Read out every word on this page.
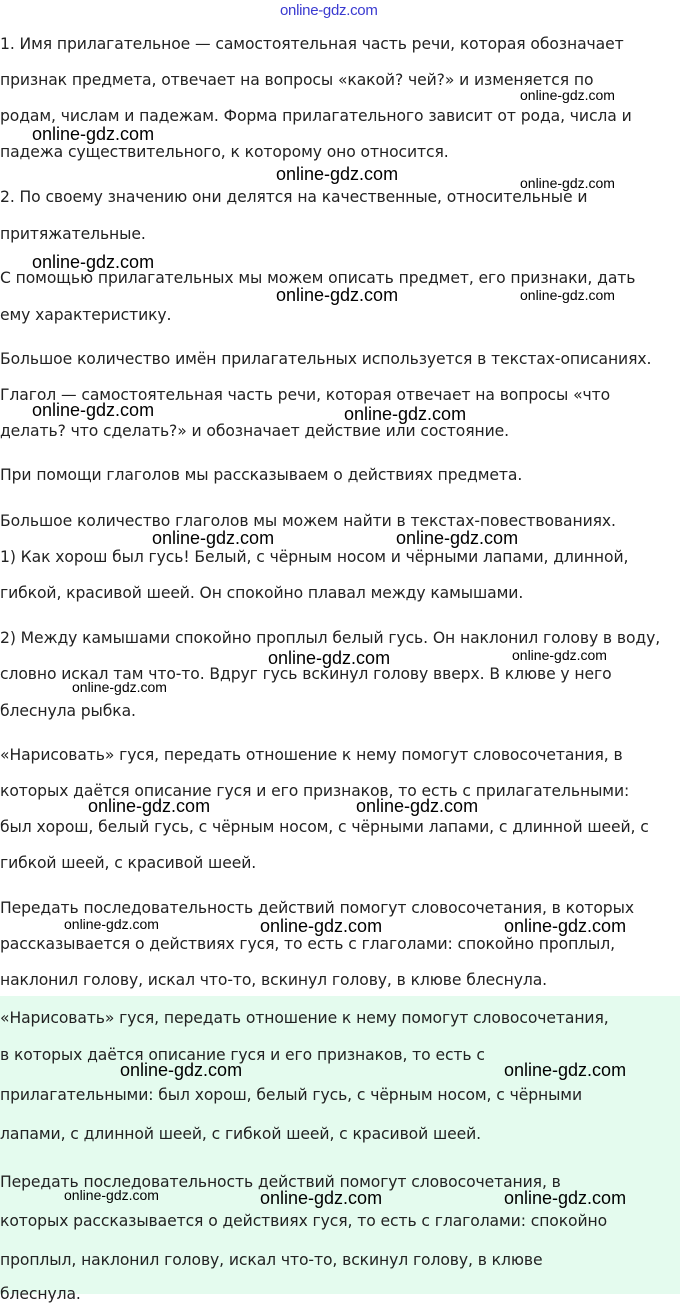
online-gdz.com

1. Имя прилагательное — самостоятельная часть речи, которая обозначает

признак предмета, отвечает на вопросы «какой? чей?» и изменяется по

родам, числам и падежам. Форма прилагательного зависит от рода, числа и

падежа существительного, к которому оно относится.

2. По своему значению они делятся на качественные, относительные и

притяжательные.

С помощью прилагательных мы можем описать предмет, его признаки, дать

ему характеристику.

Большое количество имён прилагательных используется в текстах-описаниях.

Глагол — самостоятельная часть речи, которая отвечает на вопросы «что

делать? что сделать?» и обозначает действие или состояние.

При помощи глаголов мы рассказываем о действиях предмета.

Большое количество глаголов мы можем найти в текстах-повествованиях.

1) Как хорош был гусь! Белый, с чёрным носом и чёрными лапами, длинной,

гибкой, красивой шеей. Он спокойно плавал между камышами.

2) Между камышами спокойно проплыл белый гусь. Он наклонил голову в воду,

словно искал там что-то. Вдруг гусь вскинул голову вверх. В клюве у него

блеснула рыбка.

«Нарисовать» гуся, передать отношение к нему помогут словосочетания, в

которых даётся описание гуся и его признаков, то есть с прилагательными:

был хорош, белый гусь, с чёрным носом, с чёрными лапами, с длинной шеей, с

гибкой шеей, с красивой шеей.

Передать последовательность действий помогут словосочетания, в которых

рассказывается о действиях гуся, то есть с глаголами: спокойно проплыл,

наклонил голову, искал что-то, вскинул голову, в клюве блеснула.

«Нарисовать» гуся, передать отношение к нему помогут словосочетания,

в которых даётся описание гуся и его признаков, то есть с

прилагательными: был хорош, белый гусь, с чёрным носом, с чёрными

лапами, с длинной шеей, с гибкой шеей, с красивой шеей.

Передать последовательность действий помогут словосочетания, в

которых рассказывается о действиях гуся, то есть с глаголами: спокойно

проплыл, наклонил голову, искал что-то, вскинул голову, в клюве

блеснула.

online-gdz.com
online-gdz.com
online-gdz.com	online-gdz.com
online-gdz.com
online-gdz.com	online-gdz.com
online-gdz.com	online-gdz.com
online-gdz.com	online-gdz.com
online-gdz.com	online-gdz.com
online-gdz.com
online-gdz.com	online-gdz.com
online-gdz.com	online-gdz.com	online-gdz.com
online-gdz.com	online-gdz.com
online-gdz.com	online-gdz.com	online-gdz.com
